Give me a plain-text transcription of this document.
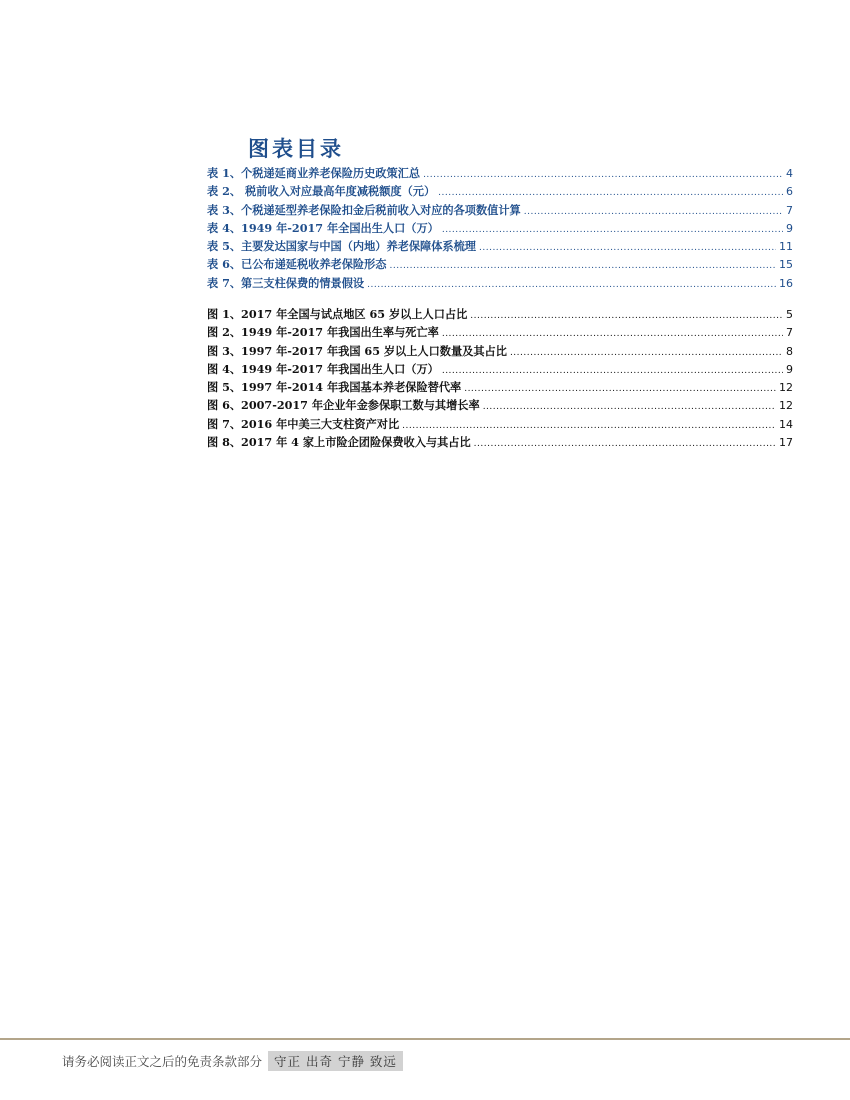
图表目录
表 1、个税递延商业养老保险历史政策汇总 .....	4
表 2、 税前收入对应最高年度减税额度（元） .....	6
表 3、个税递延型养老保险扣金后税前收入对应的各项数值计算 .....	7
表 4、1949 年-2017 年全国出生人口（万） .....	9
表 5、主要发达国家与中国（内地）养老保障体系梳理 .....	11
表 6、已公布递延税收养老保险形态 .....	15
表 7、第三支柱保费的情景假设 .....	16
图 1、2017 年全国与试点地区 65 岁以上人口占比 .....	5
图 2、1949 年-2017 年我国出生率与死亡率 .....	7
图 3、1997 年-2017 年我国 65 岁以上人口数量及其占比 .....	8
图 4、1949 年-2017 年我国出生人口（万） .....	9
图 5、1997 年-2014 年我国基本养老保险替代率 .....	12
图 6、2007-2017 年企业年金参保职工数与其增长率 .....	12
图 7、2016 年中美三大支柱资产对比 .....	14
图 8、2017 年 4 家上市险企团险保费收入与其占比 .....	17
请务必阅读正文之后的免责条款部分 守正 出奇 宁静 致远
